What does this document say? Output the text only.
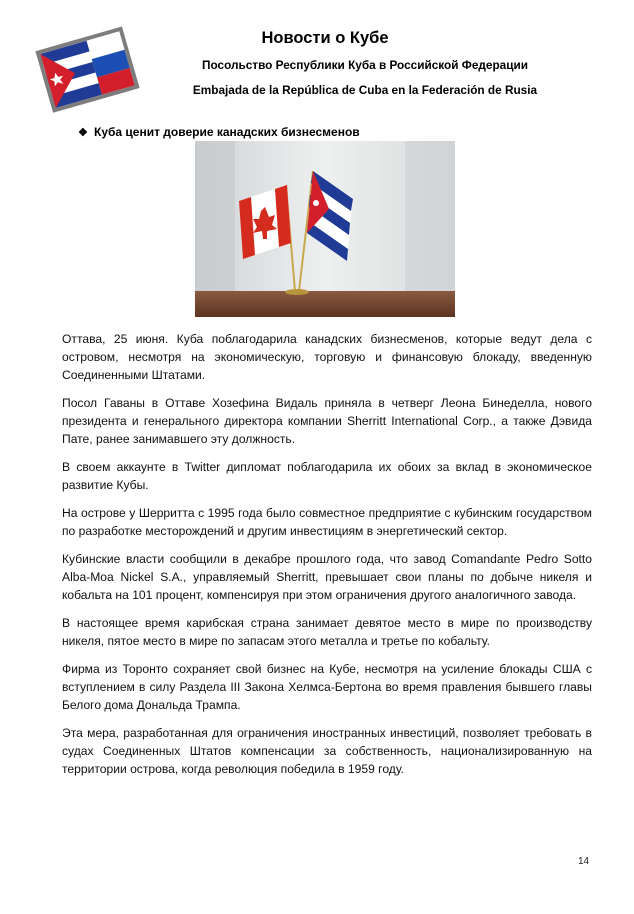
Новости о Кубе
Посольство Республики Куба в Российской Федерации
Embajada de la República de Cuba en la Federación de Rusia
❖ Куба ценит доверие канадских бизнесменов

Оттава, 25 июня. Куба поблагодарила канадских бизнесменов, которые ведут дела с островом, несмотря на экономическую, торговую и финансовую блокаду, введенную Соединенными Штатами.

Посол Гаваны в Оттаве Хозефина Видаль приняла в четверг Леона Бинеделла, нового президента и генерального директора компании Sherritt International Corp., а также Дэвида Пате, ранее занимавшего эту должность.

В своем аккаунте в Twitter дипломат поблагодарила их обоих за вклад в экономическое развитие Кубы.

На острове у Шерритта с 1995 года было совместное предприятие с кубинским государством по разработке месторождений и другим инвестициям в энергетический сектор.

Кубинские власти сообщили в декабре прошлого года, что завод Comandante Pedro Sotto Alba-Moa Nickel S.A., управляемый Sherritt, превышает свои планы по добыче никеля и кобальта на 101 процент, компенсируя при этом ограничения другого аналогичного завода.

В настоящее время карибская страна занимает девятое место в мире по производству никеля, пятое место в мире по запасам этого металла и третье по кобальту.

Фирма из Торонто сохраняет свой бизнес на Кубе, несмотря на усиление блокады США с вступлением в силу Раздела III Закона Хелмса-Бертона во время правления бывшего главы Белого дома Дональда Трампа.

Эта мера, разработанная для ограничения иностранных инвестиций, позволяет требовать в судах Соединенных Штатов компенсации за собственность, национализированную на территории острова, когда революция победила в 1959 году.

14
